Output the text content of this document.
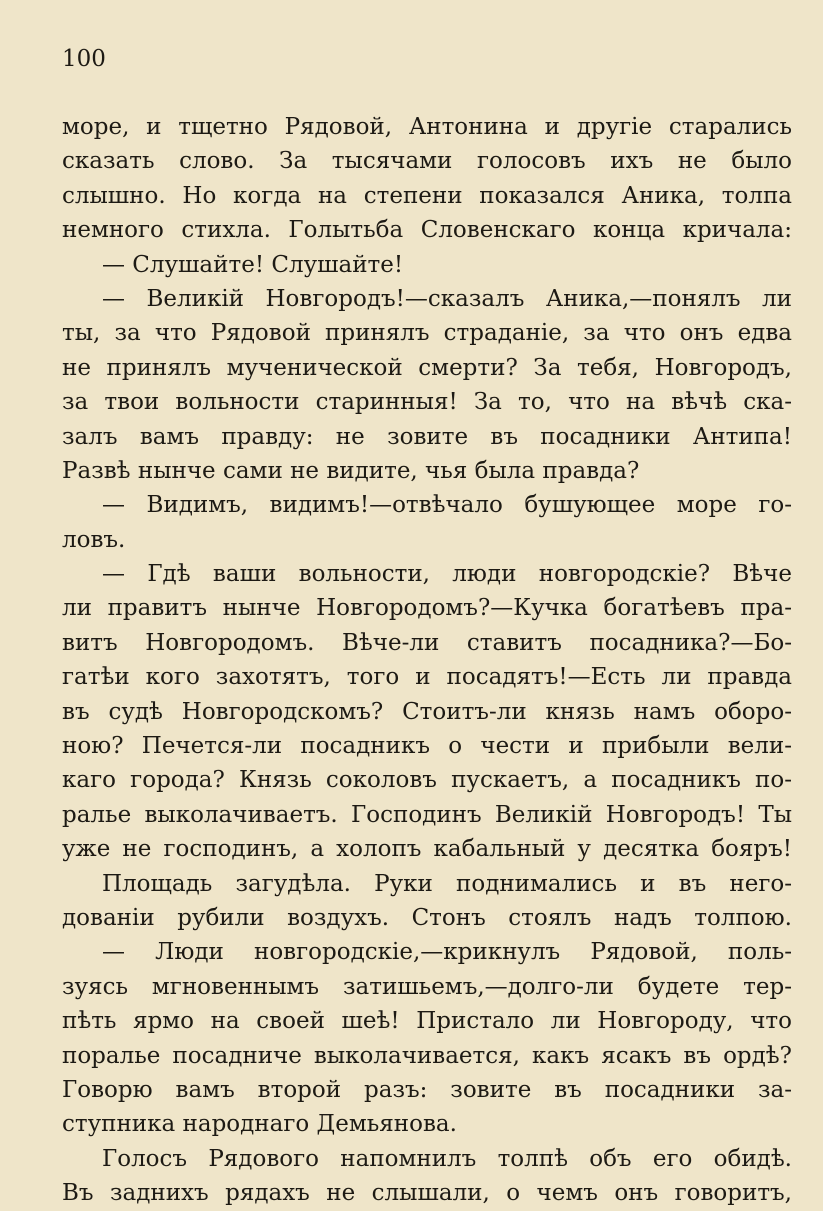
100
море, и тщетно Рядовой, Антонина и другіе старались
сказать слово. За тысячами голосовъ ихъ не было
слышно. Но когда на степени показался Аника, толпа
немного стихла. Голытьба Словенскаго конца кричала:
— Слушайте! Слушайте!
— Великій Новгородъ!—сказалъ Аника,—понялъ ли
ты, за что Рядовой принялъ страданіе, за что онъ едва
не принялъ мученической смерти? За тебя, Новгородъ,
за твои вольности старинныя! За то, что на вѣчѣ ска-
залъ вамъ правду: не зовите въ посадники Антипа!
Развѣ нынче сами не видите, чья была правда?
— Видимъ, видимъ!—отвѣчало бушующее море го-
ловъ.
— Гдѣ ваши вольности, люди новгородскіе? Вѣче
ли правитъ нынче Новгородомъ?—Кучка богатѣевъ пра-
витъ Новгородомъ. Вѣче-ли ставитъ посадника?—Бо-
гатѣи кого захотятъ, того и посадятъ!—Есть ли правда
въ судѣ Новгородскомъ? Стоитъ-ли князь намъ оборо-
ною? Печется-ли посадникъ о чести и прибыли вели-
каго города? Князь соколовъ пускаетъ, а посадникъ по-
ралье выколачиваетъ. Господинъ Великій Новгородъ! Ты
уже не господинъ, а холопъ кабальный у десятка бояръ!
Площадь загудѣла. Руки поднимались и въ него-
дованіи рубили воздухъ. Стонъ стоялъ надъ толпою.
— Люди новгородскіе,—крикнулъ Рядовой, поль-
зуясь мгновеннымъ затишьемъ,—долго-ли будете тер-
пѣть ярмо на своей шеѣ! Пристало ли Новгороду, что
поралье посадниче выколачивается, какъ ясакъ въ ордѣ?
Говорю вамъ второй разъ: зовите въ посадники за-
ступника народнаго Демьянова.
Голосъ Рядового напомнилъ толпѣ объ его обидѣ.
Въ заднихъ рядахъ не слышали, о чемъ онъ говоритъ,
